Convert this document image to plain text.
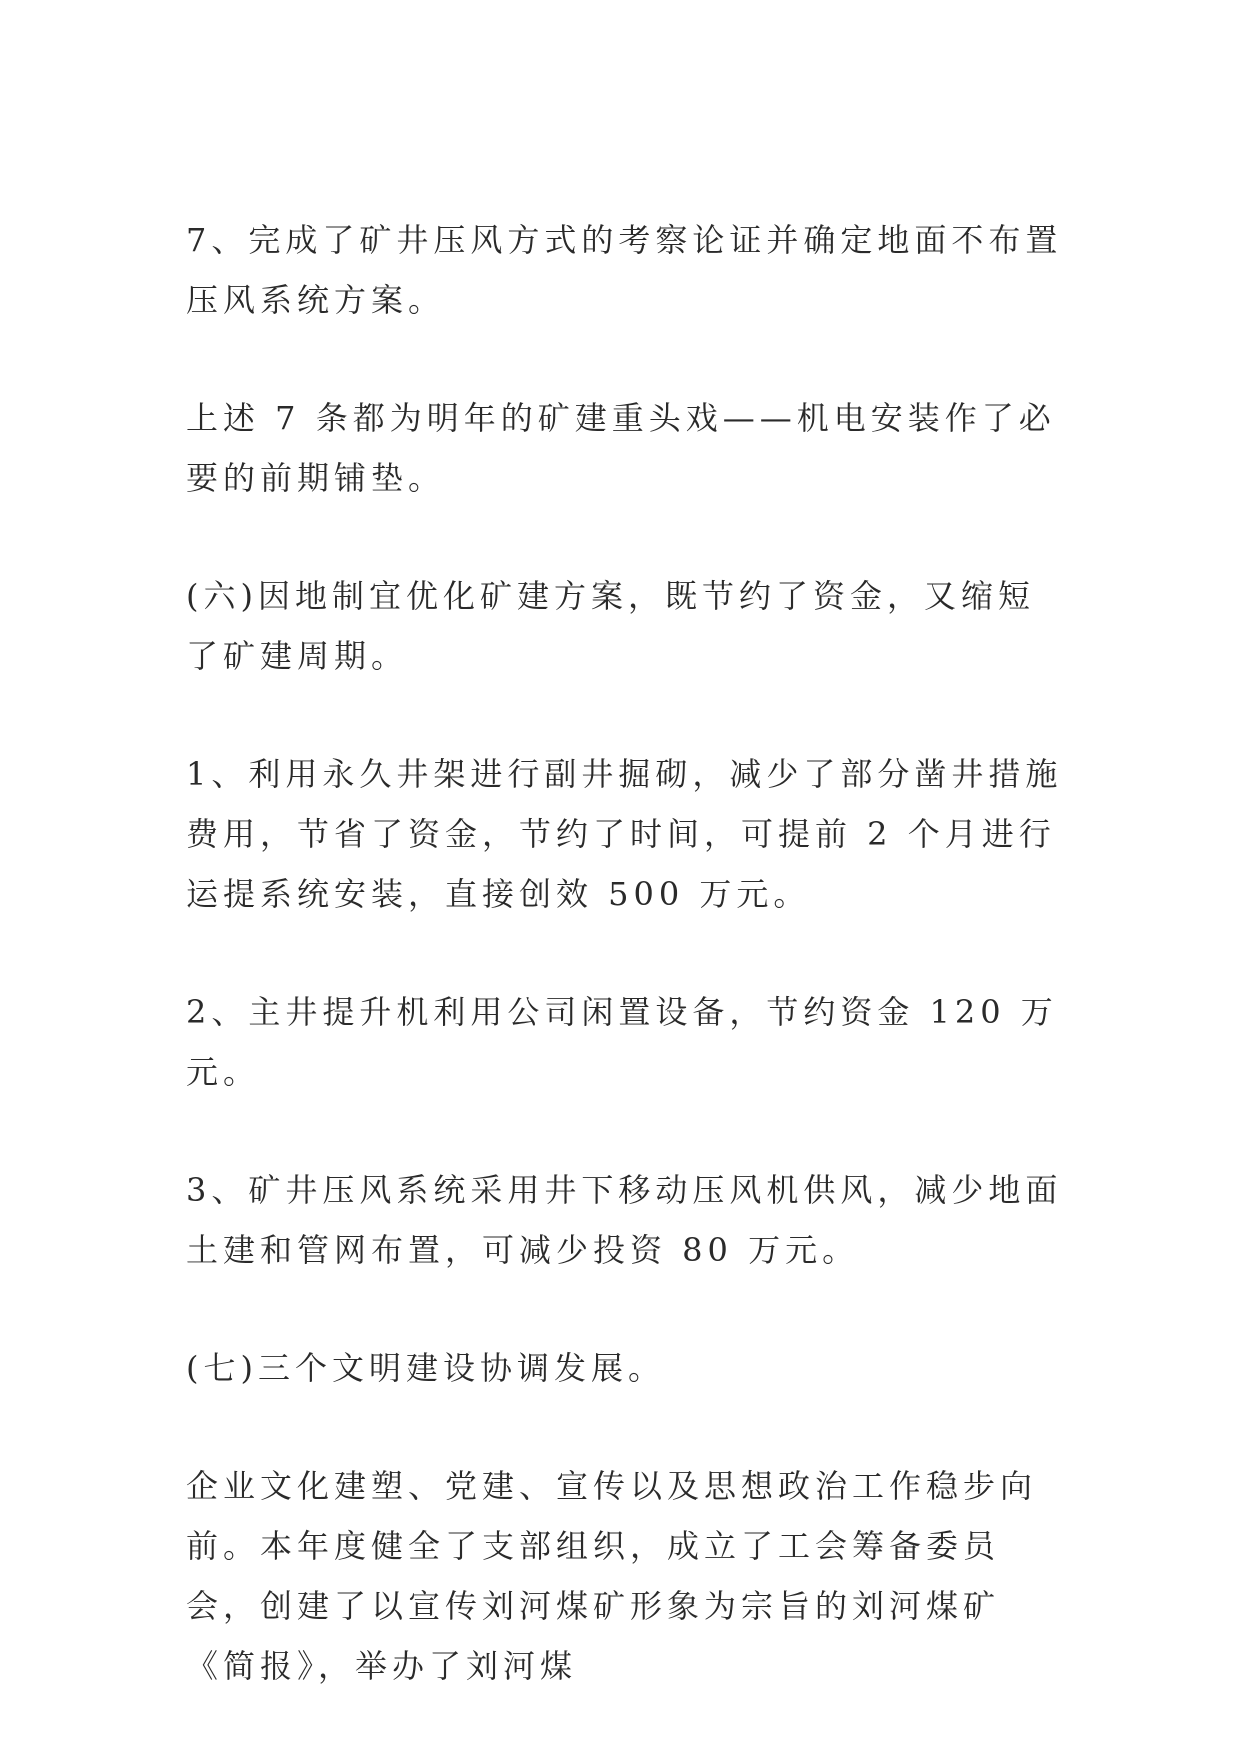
7、完成了矿井压风方式的考察论证并确定地面不布置压风系统方案。

上述 7 条都为明年的矿建重头戏——机电安装作了必要的前期铺垫。

(六)因地制宜优化矿建方案，既节约了资金，又缩短了矿建周期。

1、利用永久井架进行副井掘砌，减少了部分凿井措施费用，节省了资金，节约了时间，可提前 2 个月进行运提系统安装，直接创效 500 万元。

2、主井提升机利用公司闲置设备，节约资金 120 万元。

3、矿井压风系统采用井下移动压风机供风，减少地面土建和管网布置，可减少投资 80 万元。

(七)三个文明建设协调发展。

企业文化建塑、党建、宣传以及思想政治工作稳步向前。本年度健全了支部组织，成立了工会筹备委员会，创建了以宣传刘河煤矿形象为宗旨的刘河煤矿《简报》，举办了刘河煤
